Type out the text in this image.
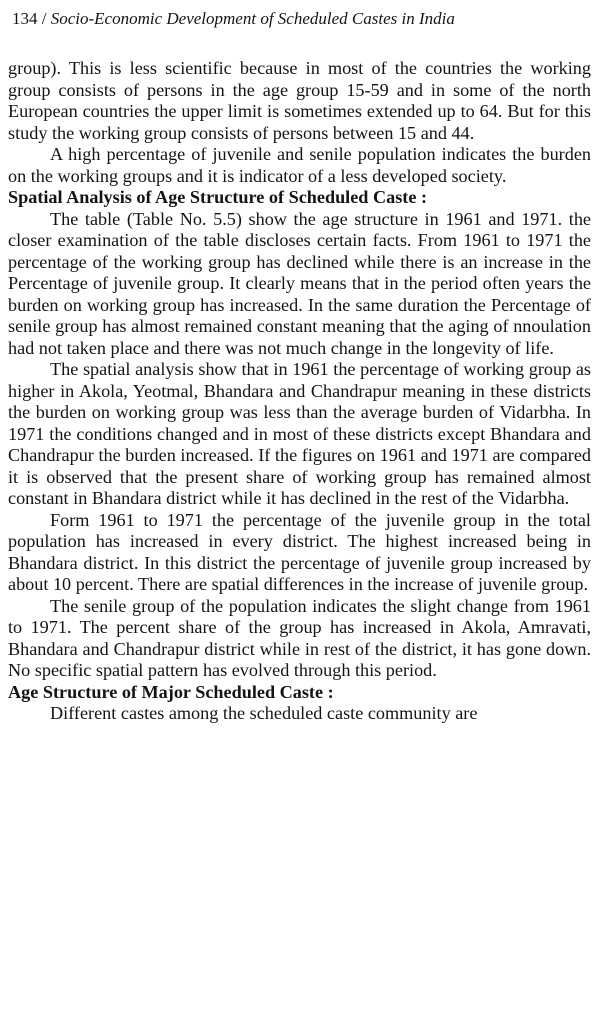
134 / Socio-Economic Development of Scheduled Castes in India

group). This is less scientific because in most of the countries the working group consists of persons in the age group 15-59 and in some of the north European countries the upper limit is sometimes extended up to 64. But for this study the working group consists of persons between 15 and 44.

A high percentage of juvenile and senile population indicates the burden on the working groups and it is indicator of a less developed society.

Spatial Analysis of Age Structure of Scheduled Caste :

The table (Table No. 5.5) show the age structure in 1961 and 1971. the closer examination of the table discloses certain facts. From 1961 to 1971 the percentage of the working group has declined while there is an increase in the Percentage of juvenile group. It clearly means that in the period often years the burden on working group has increased. In the same duration the Percentage of senile group has almost remained constant meaning that the aging of nnoulation had not taken place and there was not much change in the longevity of life.

The spatial analysis show that in 1961 the percentage of working group as higher in Akola, Yeotmal, Bhandara and Chandrapur meaning in these districts the burden on working group was less than the average burden of Vidarbha. In 1971 the conditions changed and in most of these districts except Bhandara and Chandrapur the burden increased. If the figures on 1961 and 1971 are compared it is observed that the present share of working group has remained almost constant in Bhandara district while it has declined in the rest of the Vidarbha.

Form 1961 to 1971 the percentage of the juvenile group in the total population has increased in every district. The highest increased being in Bhandara district. In this district the percentage of juvenile group increased by about 10 percent. There are spatial differences in the increase of juvenile group.

The senile group of the population indicates the slight change from 1961 to 1971. The percent share of the group has increased in Akola, Amravati, Bhandara and Chandrapur district while in rest of the district, it has gone down. No specific spatial pattern has evolved through this period.

Age Structure of Major Scheduled Caste :

Different castes among the scheduled caste community are
